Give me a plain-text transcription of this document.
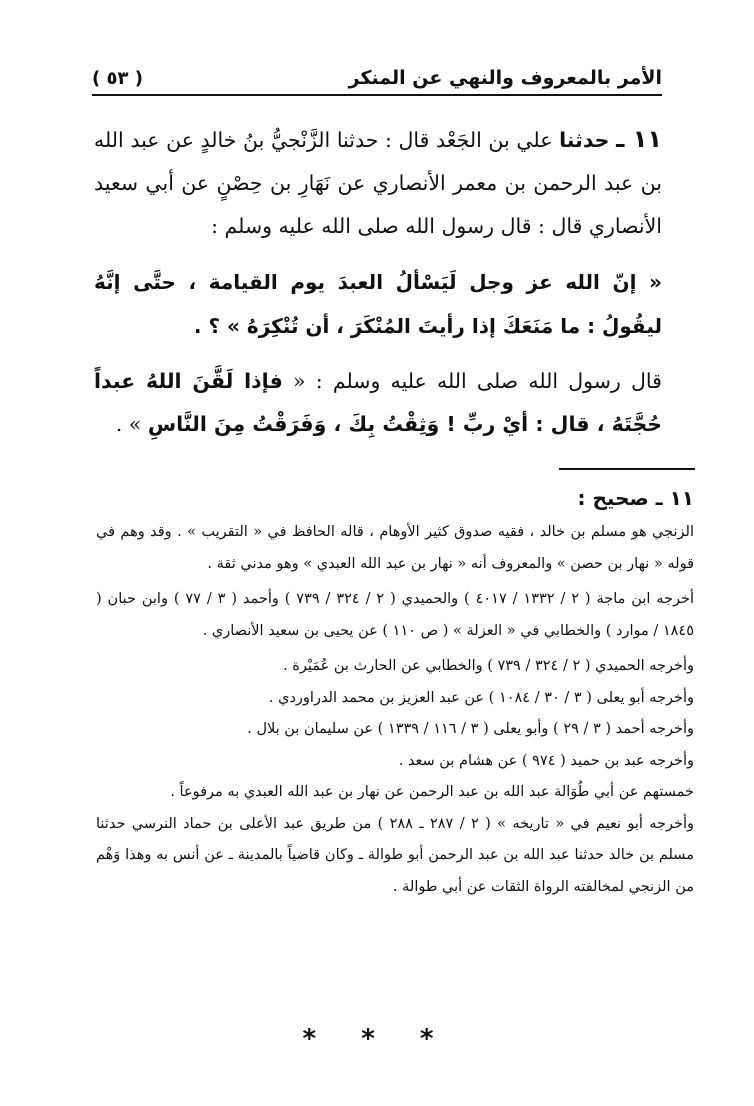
الأمر بالمعروف والنهي عن المنكر
( ٥٣ )

١١ ـ حدثنا علي بن الجَعْد قال : حدثنا الزَّنْجيُّ بنُ خالدٍ عن عبد الله بن عبد الرحمن بن معمر الأنصاري عن نَهَارِ بن حِصْنٍ عن أبي سعيد الأنصاري قال : قال رسول الله صلى الله عليه وسلم :

« إنّ الله عز وجل لَيَسْألُ العبدَ يوم القيامة ، حتَّى إنَّهُ ليقُولُ : ما مَنَعَكَ إذا رأيتَ المُنْكَرَ ، أن تُنْكِرَهُ » ؟ .

قال رسول الله صلى الله عليه وسلم : « فإذا لَقَّنَ اللهُ عبداً حُجَّتَهُ ، قال : أيْ ربِّ ! وَثِقْتُ بِكَ ، وَفَرَقْتُ مِنَ النَّاسِ » .

١١ ـ صحيح :

الزنجي هو مسلم بن خالد ، فقيه صدوق كثير الأوهام ، قاله الحافظ في « التقريب » . وقد وهم في قوله « نهار بن حصن » والمعروف أنه « نهار بن عبد الله العبدي » وهو مدني ثقة .

أخرجه ابن ماجة ( ٢ / ١٣٣٢ / ٤٠١٧ ) والحميدي ( ٢ / ٣٢٤ / ٧٣٩ ) وأحمد ( ٣ / ٧٧ ) وابن حبان ( ١٨٤٥ / موارد ) والخطابي في « العزلة » ( ص ١١٠ ) عن يحيى بن سعيد الأنصاري .

وأخرجه الحميدي ( ٢ / ٣٢٤ / ٧٣٩ ) والخطابي عن الحارث بن عُمَيْرة .

وأخرجه أبو يعلى ( ٣ / ٣٠ / ١٠٨٤ ) عن عبد العزيز بن محمد الدراوردي .

وأخرجه أحمد ( ٣ / ٢٩ ) وأبو يعلى ( ٣ / ١١٦ / ١٣٣٩ ) عن سليمان بن بلال .

وأخرجه عبد بن حميد ( ٩٧٤ ) عن هشام بن سعد .

خمستهم عن أبي طُوَالة عبد الله بن عبد الرحمن عن نهار بن عبد الله العبدي به مرفوعاً .

وأخرجه أبو نعيم في « تاريخه » ( ٢ / ٢٨٧ ـ ٢٨٨ ) من طريق عبد الأعلى بن حماد النرسي حدثنا مسلم بن خالد حدثنا عبد الله بن عبد الرحمن أبو طوالة ـ وكان قاضياً بالمدينة ـ عن أنس به وهذا وَهْم من الزنجي لمخالفته الرواة الثقات عن أبي طوالة .

* * *
